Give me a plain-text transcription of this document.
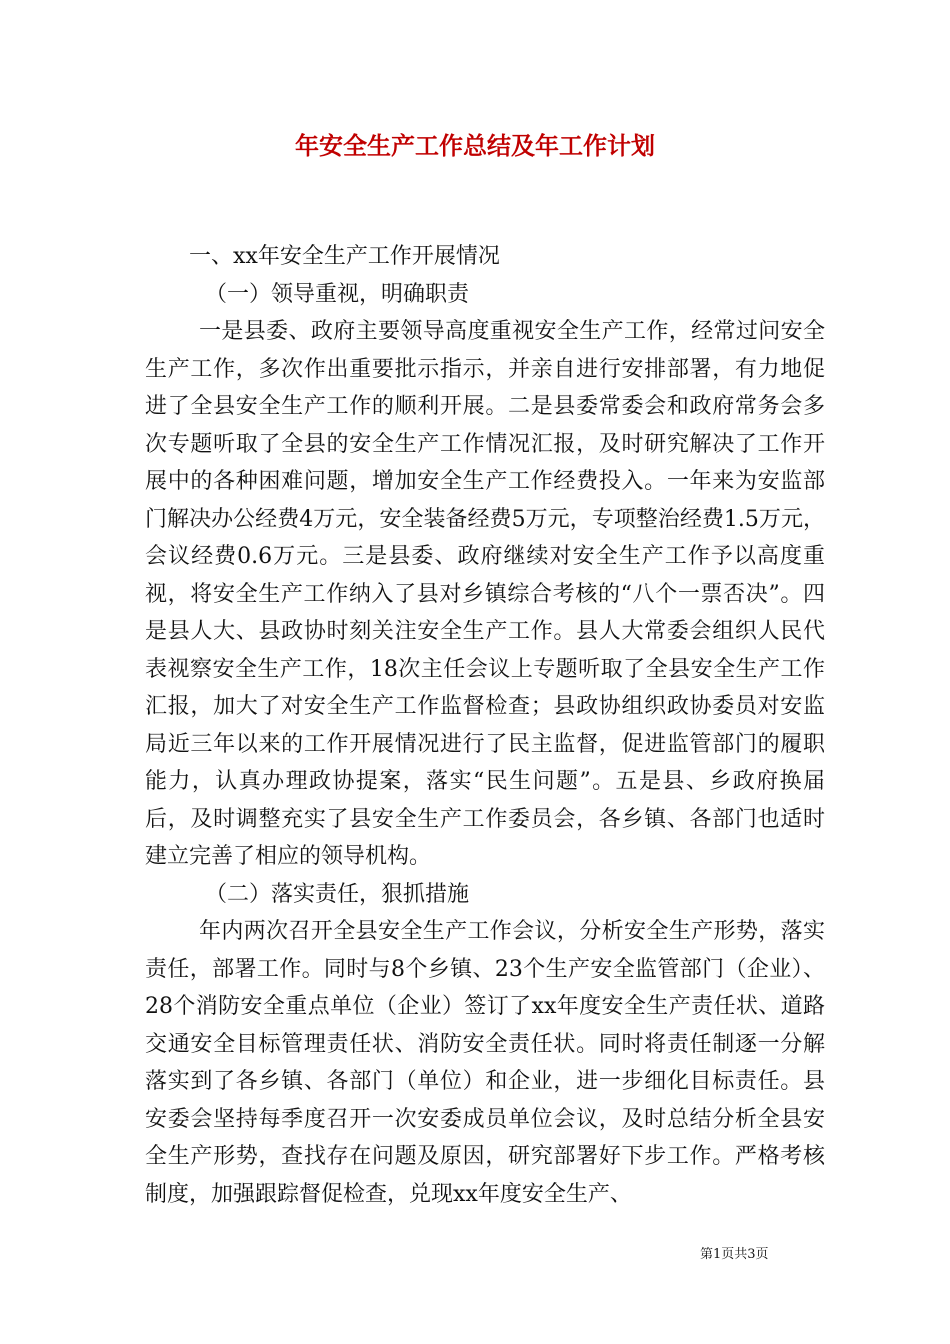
年安全生产工作总结及年工作计划

一、xx年安全生产工作开展情况

（一）领导重视，明确职责

一是县委、政府主要领导高度重视安全生产工作，经常过问安全生产工作，多次作出重要批示指示，并亲自进行安排部署，有力地促进了全县安全生产工作的顺利开展。二是县委常委会和政府常务会多次专题听取了全县的安全生产工作情况汇报，及时研究解决了工作开展中的各种困难问题，增加安全生产工作经费投入。一年来为安监部门解决办公经费4万元，安全装备经费5万元，专项整治经费1.5万元，会议经费0.6万元。三是县委、政府继续对安全生产工作予以高度重视，将安全生产工作纳入了县对乡镇综合考核的“八个一票否决”。四是县人大、县政协时刻关注安全生产工作。县人大常委会组织人民代表视察安全生产工作，18次主任会议上专题听取了全县安全生产工作汇报，加大了对安全生产工作监督检查；县政协组织政协委员对安监局近三年以来的工作开展情况进行了民主监督，促进监管部门的履职能力，认真办理政协提案，落实“民生问题”。五是县、乡政府换届后，及时调整充实了县安全生产工作委员会，各乡镇、各部门也适时建立完善了相应的领导机构。

（二）落实责任，狠抓措施

年内两次召开全县安全生产工作会议，分析安全生产形势，落实责任，部署工作。同时与8个乡镇、23个生产安全监管部门（企业）、28个消防安全重点单位（企业）签订了xx年度安全生产责任状、道路交通安全目标管理责任状、消防安全责任状。同时将责任制逐一分解落实到了各乡镇、各部门（单位）和企业，进一步细化目标责任。县安委会坚持每季度召开一次安委成员单位会议，及时总结分析全县安全生产形势，查找存在问题及原因，研究部署好下步工作。严格考核制度，加强跟踪督促检查，兑现xx年度安全生产、

第1页共3页
